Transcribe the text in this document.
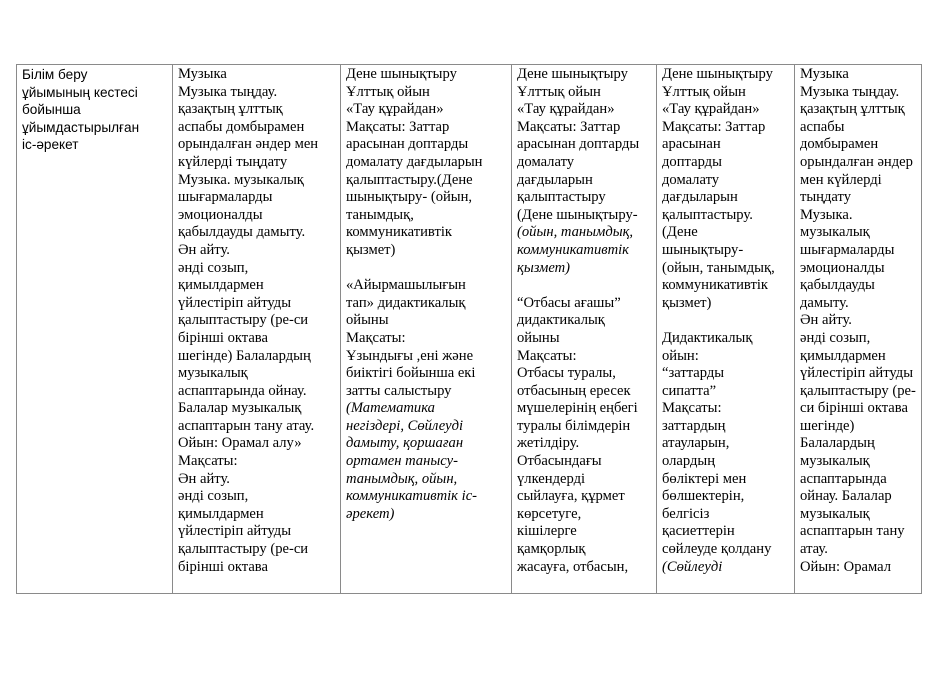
Білім беру
ұйымының кестесі
бойынша
ұйымдастырылған
іс-әрекет

Музыка
Музыка тыңдау.
қазақтың ұлттық
аспабы домбырамен
орындалған әндер мен
күйлерді тыңдату
Музыка. музыкалық
шығармаларды
эмоционалды
қабылдауды дамыту.
Ән айту.
әнді созып,
қимылдармен
үйлестіріп айтуды
қалыптастыру (ре-си
бірінші октава
шегінде) Балалардың
музыкалық
аспаптарында ойнау.
Балалар музыкалық
аспаптарын тану атау.
Ойын: Орамал алу»
Мақсаты:
Ән айту.
әнді созып,
қимылдармен
үйлестіріп айтуды
қалыптастыру (ре-си
бірінші октава

Дене шынықтыру
Ұлттық ойын
«Тау құрайдан»
Мақсаты: Заттар
арасынан доптарды
домалату дағдыларын
қалыптастыру.(Дене
шынықтыру- (ойын,
танымдық,
коммуникативтік
қызмет)
«Айырмашылығын
тап» дидактикалық
ойыны
Мақсаты:
Ұзындығы ,ені және
биіктігі бойынша екі
затты салыстыру
(Математика
негіздері, Сөйлеуді
дамыту, қоршаған
ортамен танысу-
танымдық, ойын,
коммуникативтік іс-
әрекет)

Дене шынықтыру
Ұлттық ойын
«Тау құрайдан»
Мақсаты: Заттар
арасынан доптарды
домалату
дағдыларын
қалыптастыру
(Дене шынықтыру-
(ойын, танымдық,
коммуникативтік
қызмет)
“Отбасы ағашы”
дидактикалық
ойыны
Мақсаты:
Отбасы туралы,
отбасының ересек
мүшелерінің еңбегі
туралы білімдерін
жетілдіру.
Отбасындағы
үлкендерді
сыйлауға, құрмет
көрсетуге,
кішілерге
қамқорлық
жасауға, отбасын,

Дене шынықтыру
Ұлттық ойын
«Тау құрайдан»
Мақсаты: Заттар
арасынан
доптарды
домалату
дағдыларын
қалыптастыру.
(Дене
шынықтыру-
(ойын, танымдық,
коммуникативтік
қызмет)
Дидактикалық
ойын:
“заттарды
сипатта”
Мақсаты:
заттардың
атауларын,
олардың
бөліктері мен
бөлшектерін,
белгісіз
қасиеттерін
сөйлеуде қолдану
(Сөйлеуді

Музыка
Музыка тыңдау.
қазақтың ұлттық
аспабы
домбырамен
орындалған әндер
мен күйлерді
тыңдату
Музыка.
музыкалық
шығармаларды
эмоционалды
қабылдауды
дамыту.
Ән айту.
әнді созып,
қимылдармен
үйлестіріп айтуды
қалыптастыру (ре-
си бірінші октава
шегінде)
Балалардың
музыкалық
аспаптарында
ойнау. Балалар
музыкалық
аспаптарын тану
атау.
Ойын: Орамал
